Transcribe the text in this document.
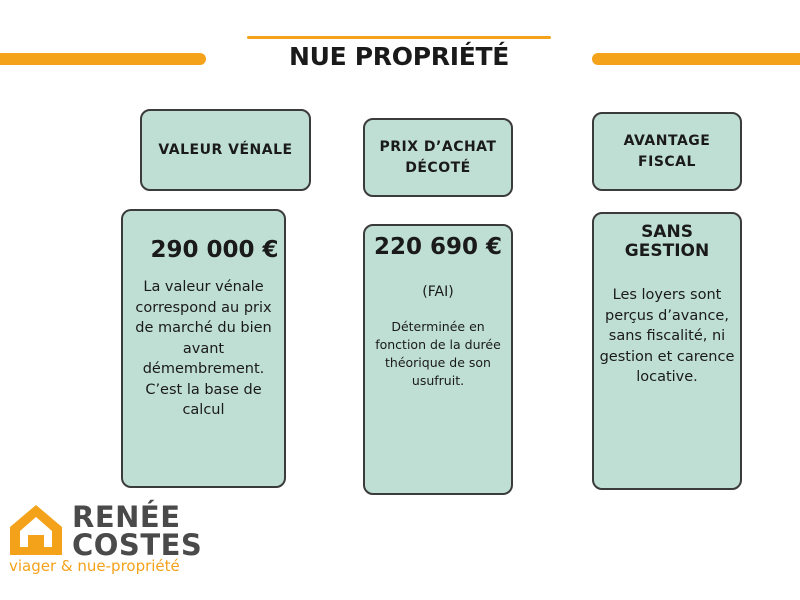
NUE PROPRIÉTÉ
VALEUR VÉNALE	PRIX D’ACHAT DÉCOTÉ
AVANTAGE FISCAL
290 000 €
La valeur vénale correspond au prix de marché du bien avant démembrement. C’est la base de calcul
220 690 €
(FAI)
Déterminée en fonction de la durée théorique de son usufruit.
SANS GESTION
Les loyers sont perçus d’avance, sans fiscalité, ni gestion et carence locative.
RENÉE
COSTES
viager & nue-propriété
